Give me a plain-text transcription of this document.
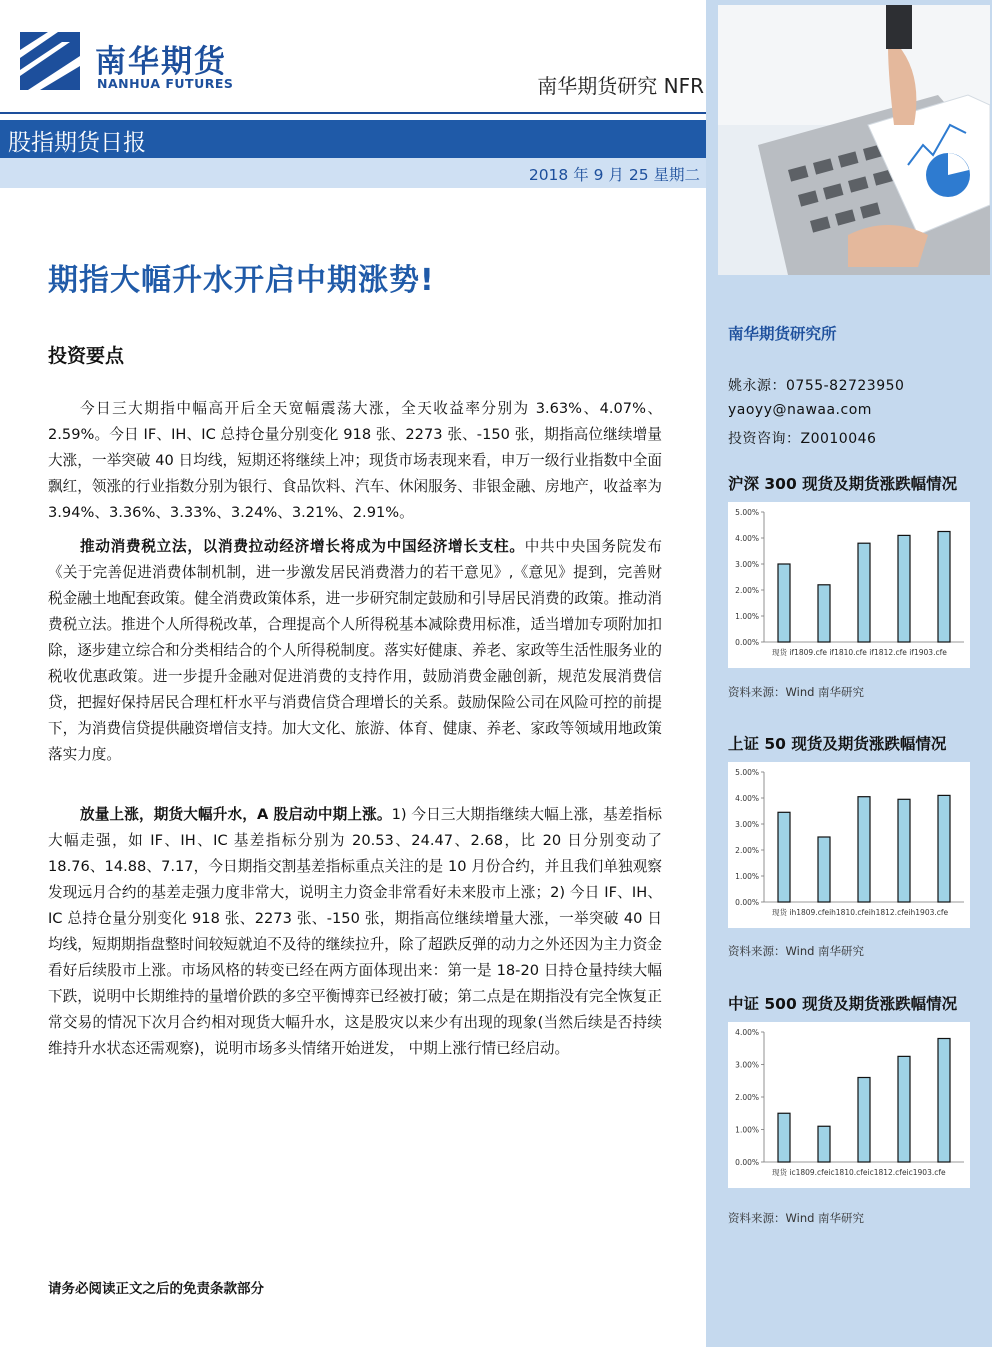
南华期货
NANHUA FUTURES	南华期货研究 NFR
股指期货日报
2018 年 9 月 25 星期二
南华期货研究所
姚永源：0755-82723950
yaoyy@nawaa.com
投资咨询：Z0010046
沪深 300 现货及期货涨跌幅情况
0.00%
1.00%
2.00%
3.00%
4.00%
5.00%
现货 if1809.cfe if1810.cfe if1812.cfe if1903.cfe
资料来源：Wind 南华研究
上证 50 现货及期货涨跌幅情况
0.00%
1.00%
2.00%
3.00%
4.00%
5.00%
现货 ih1809.cfeih1810.cfeih1812.cfeih1903.cfe
资料来源：Wind 南华研究
中证 500 现货及期货涨跌幅情况
0.00%
1.00%
2.00%
3.00%
4.00%
现货 ic1809.cfeic1810.cfeic1812.cfeic1903.cfe
资料来源：Wind 南华研究
期指大幅升水开启中期涨势!
投资要点

今日三大期指中幅高开后全天宽幅震荡大涨，全天收益率分别为 3.63%、4.07%、2.59%。今日 IF、IH、IC 总持仓量分别变化 918 张、2273 张、-150 张，期指高位继续增量大涨，一举突破 40 日均线，短期还将继续上冲；现货市场表现来看，申万一级行业指数中全面飘红，领涨的行业指数分别为银行、食品饮料、汽车、休闲服务、非银金融、房地产，收益率为 3.94%、3.36%、3.33%、3.24%、3.21%、2.91%。

推动消费税立法，以消费拉动经济增长将成为中国经济增长支柱。中共中央国务院发布《关于完善促进消费体制机制，进一步激发居民消费潜力的若干意见》,《意见》提到，完善财税金融土地配套政策。健全消费政策体系，进一步研究制定鼓励和引导居民消费的政策。推动消费税立法。推进个人所得税改革，合理提高个人所得税基本减除费用标准，适当增加专项附加扣除，逐步建立综合和分类相结合的个人所得税制度。落实好健康、养老、家政等生活性服务业的税收优惠政策。进一步提升金融对促进消费的支持作用，鼓励消费金融创新，规范发展消费信贷，把握好保持居民合理杠杆水平与消费信贷合理增长的关系。鼓励保险公司在风险可控的前提下，为消费信贷提供融资增信支持。加大文化、旅游、体育、健康、养老、家政等领域用地政策落实力度。

放量上涨，期货大幅升水，A 股启动中期上涨。1) 今日三大期指继续大幅上涨，基差指标大幅走强，如 IF、IH、IC 基差指标分别为 20.53、24.47、2.68，比 20 日分别变动了 18.76、14.88、7.17，今日期指交割基差指标重点关注的是 10 月份合约，并且我们单独观察发现远月合约的基差走强力度非常大，说明主力资金非常看好未来股市上涨；2) 今日 IF、IH、IC 总持仓量分别变化 918 张、2273 张、-150 张，期指高位继续增量大涨，一举突破 40 日均线，短期期指盘整时间较短就迫不及待的继续拉升，除了超跌反弹的动力之外还因为主力资金看好后续股市上涨。市场风格的转变已经在两方面体现出来：第一是 18-20 日持仓量持续大幅下跌，说明中长期维持的量增价跌的多空平衡博弈已经被打破；第二点是在期指没有完全恢复正常交易的情况下次月合约相对现货大幅升水，这是股灾以来少有出现的现象(当然后续是否持续维持升水状态还需观察)，说明市场多头情绪开始迸发， 中期上涨行情已经启动。

请务必阅读正文之后的免责条款部分
